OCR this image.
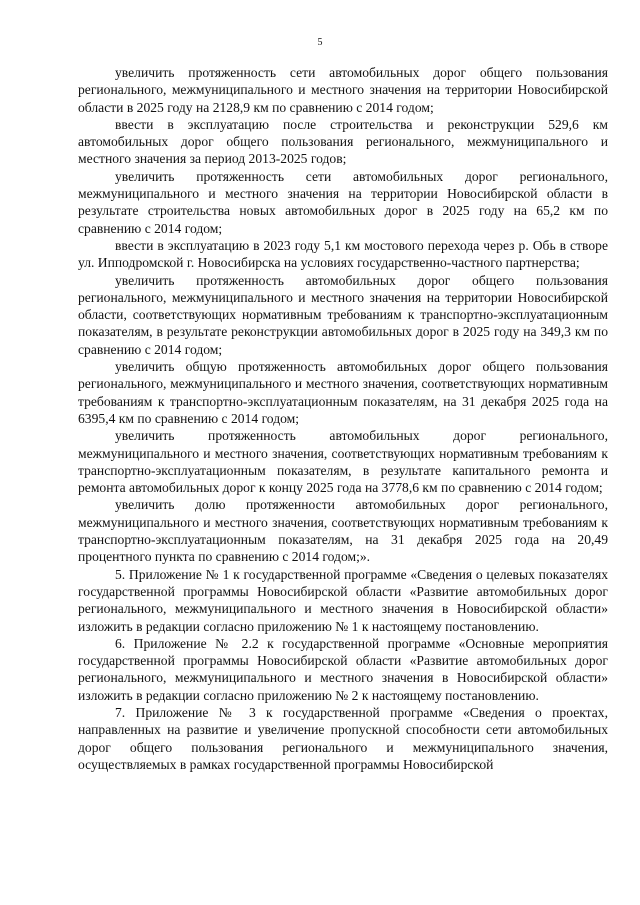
5

увеличить протяженность сети автомобильных дорог общего пользования регионального, межмуниципального и местного значения на территории Новосибирской области в 2025 году на 2128,9 км по сравнению с 2014 годом;

ввести в эксплуатацию после строительства и реконструкции 529,6 км автомобильных дорог общего пользования регионального, межмуниципального и местного значения за период 2013-2025 годов;

увеличить протяженность сети автомобильных дорог регионального, межмуниципального и местного значения на территории Новосибирской области в результате строительства новых автомобильных дорог в 2025 году на 65,2 км по сравнению с 2014 годом;

ввести в эксплуатацию в 2023 году 5,1 км мостового перехода через р. Обь в створе ул. Ипподромской г. Новосибирска на условиях государственно-частного партнерства;

увеличить протяженность автомобильных дорог общего пользования регионального, межмуниципального и местного значения на территории Новосибирской области, соответствующих нормативным требованиям к транспортно-эксплуатационным показателям, в результате реконструкции автомобильных дорог в 2025 году на 349,3 км по сравнению с 2014 годом;

увеличить общую протяженность автомобильных дорог общего пользования регионального, межмуниципального и местного значения, соответствующих нормативным требованиям к транспортно-эксплуатационным показателям, на 31 декабря 2025 года на 6395,4 км по сравнению с 2014 годом;

увеличить протяженность автомобильных дорог регионального, межмуниципального и местного значения, соответствующих нормативным требованиям к транспортно-эксплуатационным показателям, в результате капитального ремонта и ремонта автомобильных дорог к концу 2025 года на 3778,6 км по сравнению с 2014 годом;

увеличить долю протяженности автомобильных дорог регионального, межмуниципального и местного значения, соответствующих нормативным требованиям к транспортно-эксплуатационным показателям, на 31 декабря 2025 года на 20,49 процентного пункта по сравнению с 2014 годом;».

5. Приложение № 1 к государственной программе «Сведения о целевых показателях государственной программы Новосибирской области «Развитие автомобильных дорог регионального, межмуниципального и местного значения в Новосибирской области» изложить в редакции согласно приложению № 1 к настоящему постановлению.

6. Приложение № 2.2 к государственной программе «Основные мероприятия государственной программы Новосибирской области «Развитие автомобильных дорог регионального, межмуниципального и местного значения в Новосибирской области» изложить в редакции согласно приложению № 2 к настоящему постановлению.

7. Приложение № 3 к государственной программе «Сведения о проектах, направленных на развитие и увеличение пропускной способности сети автомобильных дорог общего пользования регионального и межмуниципального значения, осуществляемых в рамках государственной программы Новосибирской
